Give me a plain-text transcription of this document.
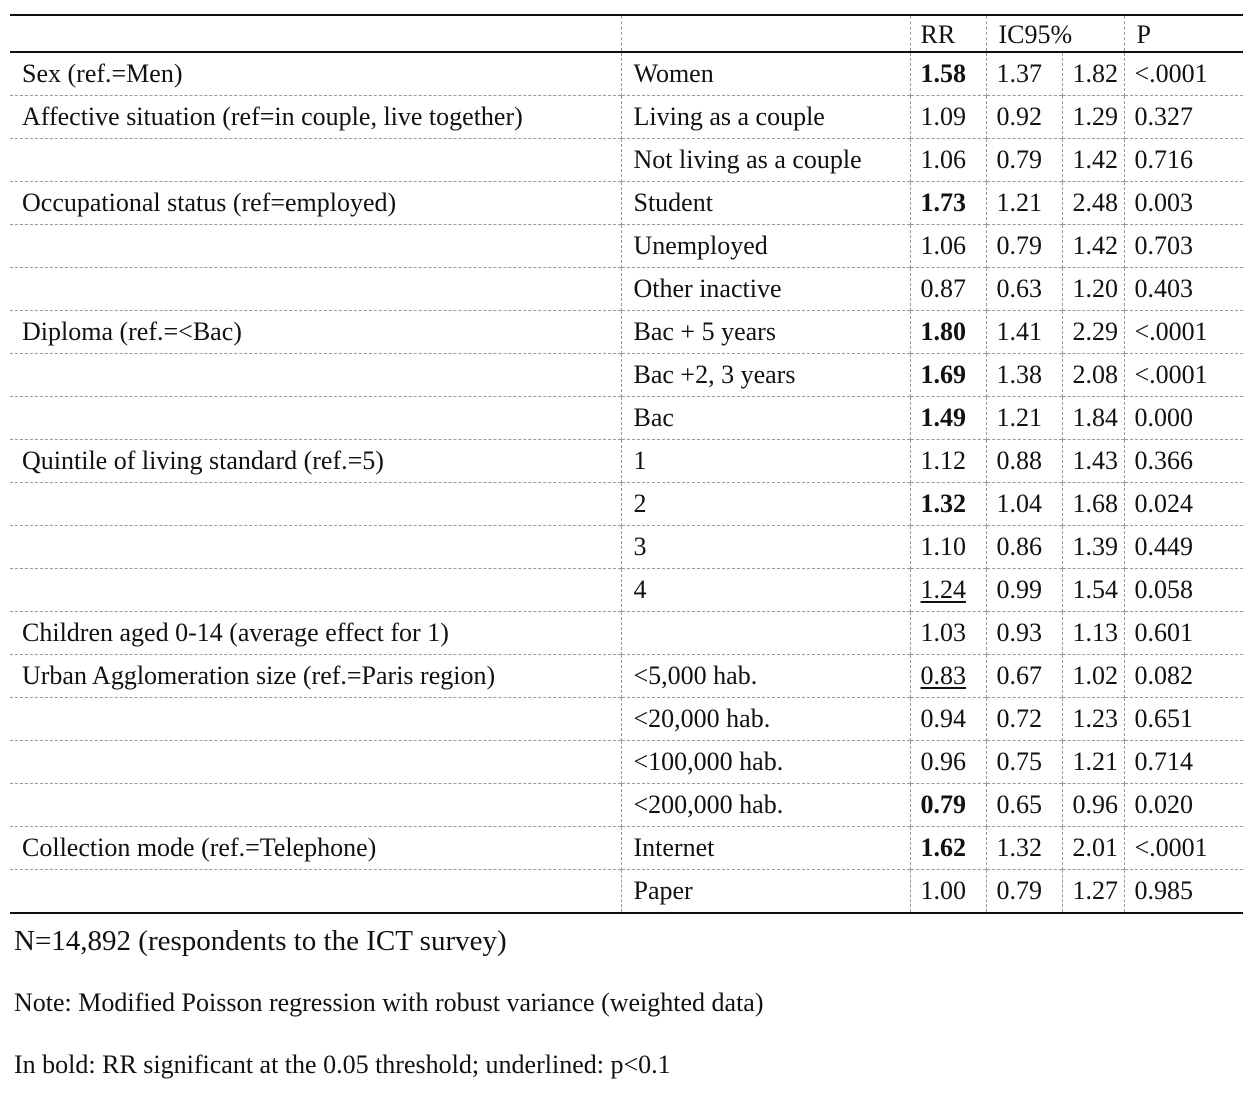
		RR	IC95%		P
Sex (ref.=Men)	Women	1.58	1.37	1.82	<.0001
Affective situation (ref=in couple, live together)	Living as a couple	1.09	0.92	1.29	0.327
	Not living as a couple	1.06	0.79	1.42	0.716
Occupational status (ref=employed)	Student	1.73	1.21	2.48	0.003
	Unemployed	1.06	0.79	1.42	0.703
	Other inactive	0.87	0.63	1.20	0.403
Diploma (ref.=<Bac)	Bac + 5 years	1.80	1.41	2.29	<.0001
	Bac +2, 3 years	1.69	1.38	2.08	<.0001
	Bac	1.49	1.21	1.84	0.000
Quintile of living standard (ref.=5)	1	1.12	0.88	1.43	0.366
	2	1.32	1.04	1.68	0.024
	3	1.10	0.86	1.39	0.449
	4	1.24	0.99	1.54	0.058
Children aged 0-14 (average effect for 1)		1.03	0.93	1.13	0.601
Urban Agglomeration size (ref.=Paris region)	<5,000 hab.	0.83	0.67	1.02	0.082
	<20,000 hab.	0.94	0.72	1.23	0.651
	<100,000 hab.	0.96	0.75	1.21	0.714
	<200,000 hab.	0.79	0.65	0.96	0.020
Collection mode (ref.=Telephone)	Internet	1.62	1.32	2.01	<.0001
	Paper	1.00	0.79	1.27	0.985
N=14,892 (respondents to the ICT survey)
Note: Modified Poisson regression with robust variance (weighted data)
In bold: RR significant at the 0.05 threshold; underlined: p<0.1
